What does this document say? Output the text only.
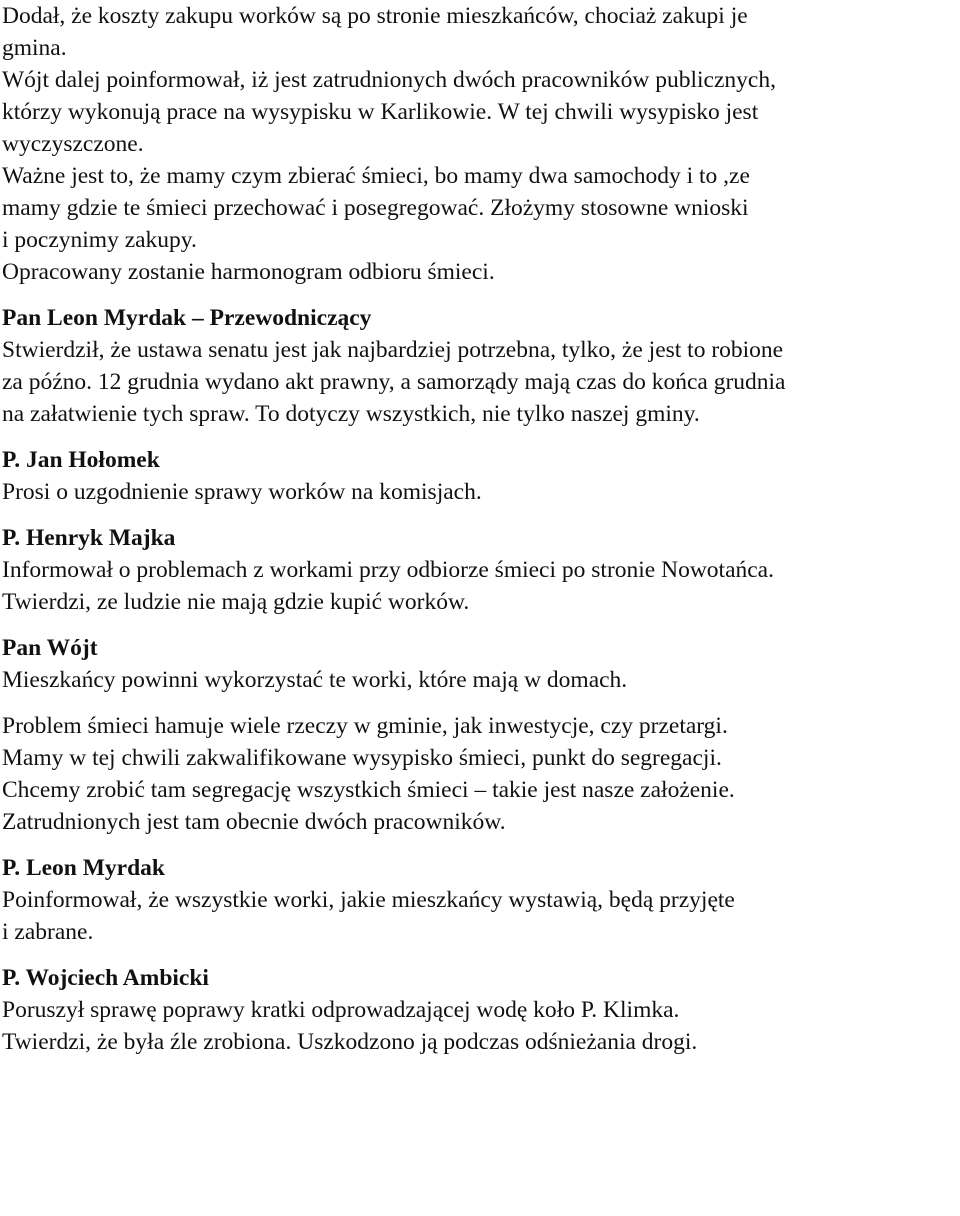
Dodał, że koszty zakupu worków są po stronie mieszkańców, chociaż zakupi je
gmina.
Wójt dalej poinformował, iż jest zatrudnionych dwóch pracowników publicznych,
którzy wykonują prace na wysypisku w Karlikowie. W tej chwili wysypisko jest
wyczyszczone.
Ważne jest to, że mamy czym zbierać śmieci, bo mamy dwa samochody i to ,ze
mamy gdzie te śmieci przechować i posegregować. Złożymy stosowne wnioski
i poczynimy zakupy.
Opracowany zostanie harmonogram odbioru śmieci.
Pan Leon Myrdak – Przewodniczący
Stwierdził, że ustawa senatu jest jak najbardziej potrzebna, tylko, że jest to robione
za późno. 12 grudnia wydano akt prawny, a samorządy mają czas do końca grudnia
na załatwienie tych spraw. To dotyczy wszystkich, nie tylko naszej gminy.
P. Jan Hołomek
Prosi o uzgodnienie sprawy worków na komisjach.
P. Henryk Majka
Informował o problemach z workami przy odbiorze śmieci po stronie Nowotańca.
Twierdzi, ze ludzie nie mają gdzie kupić worków.
Pan Wójt
Mieszkańcy powinni wykorzystać te worki, które mają w domach.
Problem śmieci hamuje wiele rzeczy w gminie, jak inwestycje, czy przetargi.
Mamy w tej chwili zakwalifikowane wysypisko śmieci, punkt do segregacji.
Chcemy zrobić tam segregację wszystkich śmieci – takie jest nasze założenie.
Zatrudnionych jest tam obecnie dwóch pracowników.
P. Leon Myrdak
Poinformował, że wszystkie worki, jakie mieszkańcy wystawią, będą przyjęte
i zabrane.
P. Wojciech Ambicki
Poruszył sprawę poprawy kratki odprowadzającej wodę koło P. Klimka.
Twierdzi, że była źle zrobiona. Uszkodzono ją podczas odśnieżania drogi.
